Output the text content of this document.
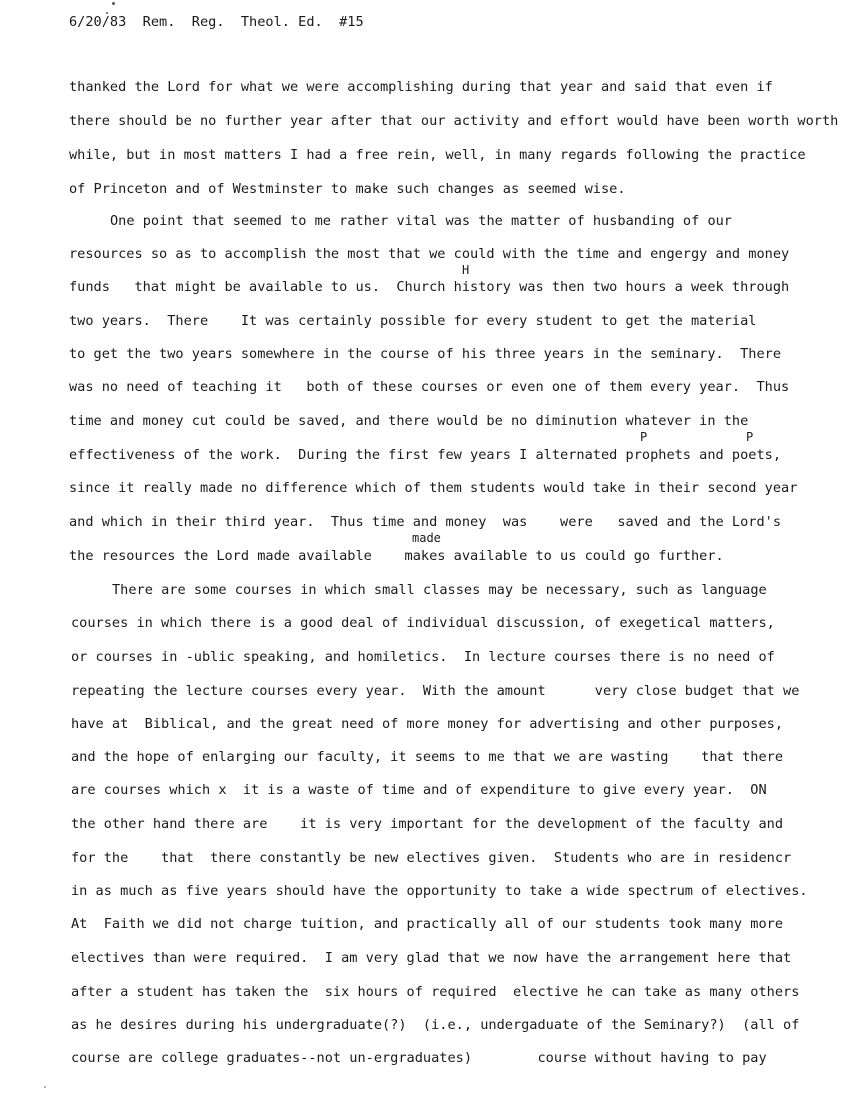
6/20/83  Rem.  Reg.  Theol. Ed.  #15
thanked the Lord for what we were accomplishing during that year and said that even if
there should be no further year after that our activity and effort would have been worth worth
while, but in most matters I had a free rein, well, in many regards following the practice
of Princeton and of Westminster to make such changes as seemed wise.
One point that seemed to me rather vital was the matter of husbanding of our
resources so as to accomplish the most that we could with the time and engergy and money
H
funds   that might be available to us.  Church history was then two hours a week through
two years.  There    It was certainly possible for every student to get the material
to get the two years somewhere in the course of his three years in the seminary.  There
was no need of teaching it   both of these courses or even one of them every year.  Thus
time and money cut could be saved, and there would be no diminution whatever in the
P	P
effectiveness of the work.  During the first few years I alternated prophets and poets,
since it really made no difference which of them students would take in their second year
and which in their third year.  Thus time and money  was    were   saved and the Lord's
made
the resources the Lord made available    makes available to us could go further.
There are some courses in which small classes may be necessary, such as language
courses in which there is a good deal of individual discussion, of exegetical matters,
or courses in -ublic speaking, and homiletics.  In lecture courses there is no need of
repeating the lecture courses every year.  With the amount      very close budget that we
have at  Biblical, and the great need of more money for advertising and other purposes,
and the hope of enlarging our faculty, it seems to me that we are wasting    that there
are courses which x  it is a waste of time and of expenditure to give every year.  ON
the other hand there are    it is very important for the development of the faculty and
for the    that  there constantly be new electives given.  Students who are in residencr
in as much as five years should have the opportunity to take a wide spectrum of electives.
At  Faith we did not charge tuition, and practically all of our students took many more
electives than were required.  I am very glad that we now have the arrangement here that
after a student has taken the  six hours of required  elective he can take as many others
as he desires during his undergraduate(?)  (i.e., undergaduate of the Seminary?)  (all of
course are college graduates--not un-ergraduates)        course without having to pay
